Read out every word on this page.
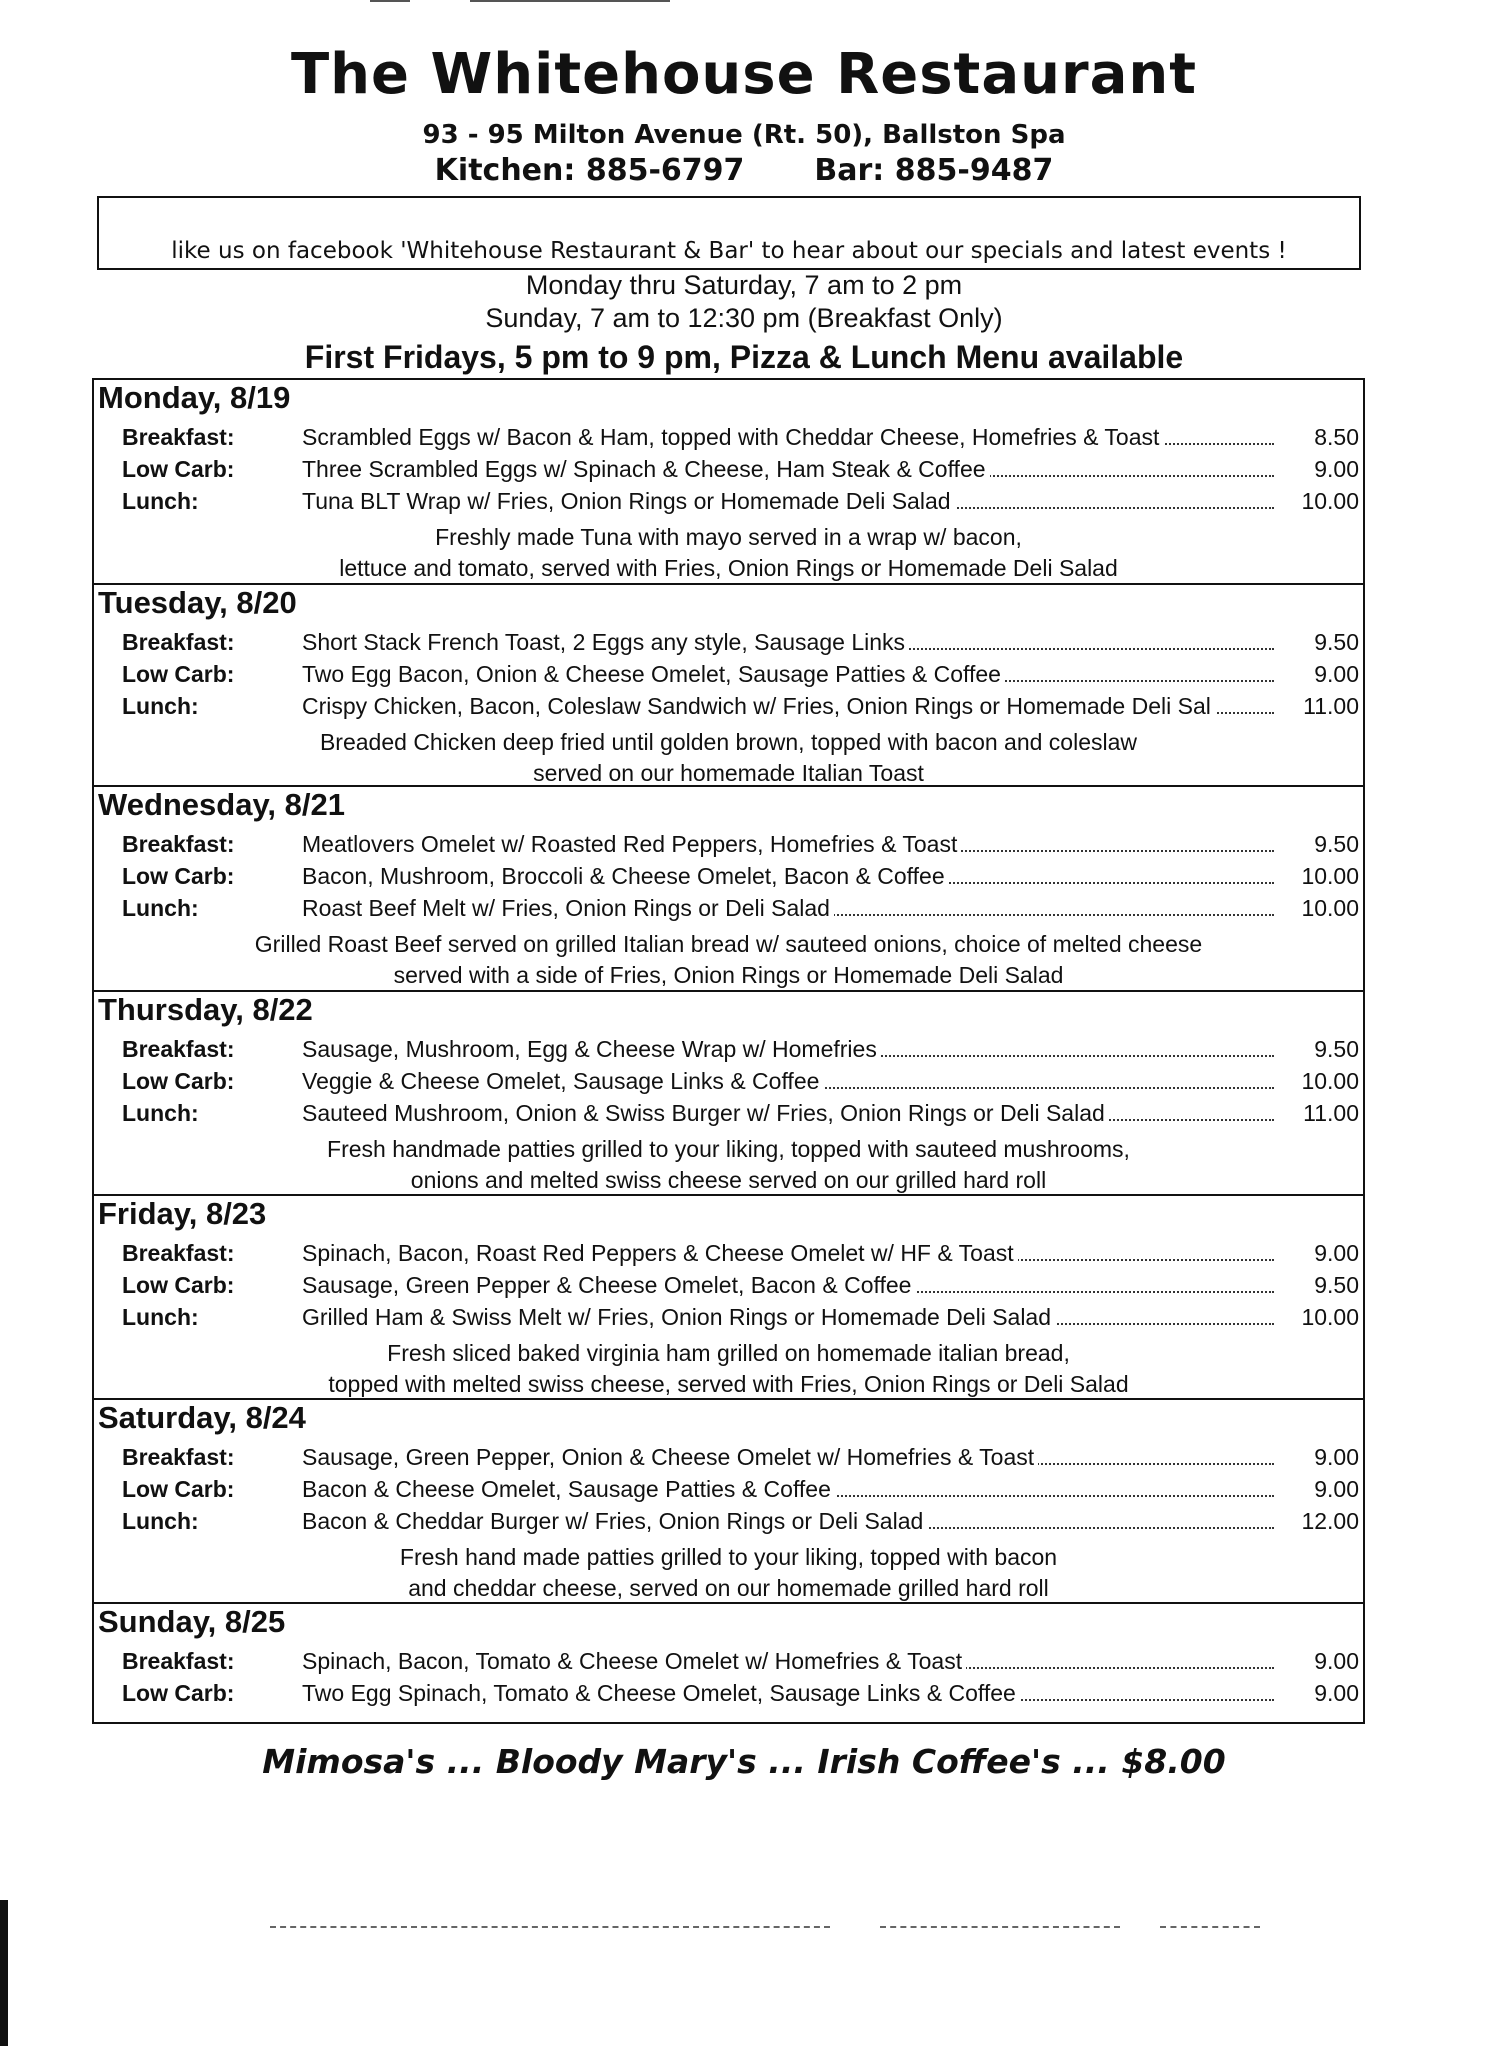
The Whitehouse Restaurant
93 - 95 Milton Avenue (Rt. 50), Ballston Spa
Kitchen: 885-6797 Bar: 885-9487
like us on facebook 'Whitehouse Restaurant & Bar' to hear about our specials and latest events !
Monday thru Saturday, 7 am to 2 pm
Sunday, 7 am to 12:30 pm (Breakfast Only)
First Fridays, 5 pm to 9 pm, Pizza & Lunch Menu available
Monday, 8/19
Breakfast:	Scrambled Eggs w/ Bacon & Ham, topped with Cheddar Cheese, Homefries & Toast	8.50
Low Carb:	Three Scrambled Eggs w/ Spinach & Cheese, Ham Steak & Coffee	9.00
Lunch:	Tuna BLT Wrap w/ Fries, Onion Rings or Homemade Deli Salad	10.00
Freshly made Tuna with mayo served in a wrap w/ bacon,
lettuce and tomato, served with Fries, Onion Rings or Homemade Deli Salad
Tuesday, 8/20
Breakfast:	Short Stack French Toast, 2 Eggs any style, Sausage Links	9.50
Low Carb:	Two Egg Bacon, Onion & Cheese Omelet, Sausage Patties & Coffee	9.00
Lunch:	Crispy Chicken, Bacon, Coleslaw Sandwich w/ Fries, Onion Rings or Homemade Deli Sal	11.00
Breaded Chicken deep fried until golden brown, topped with bacon and coleslaw
served on our homemade Italian Toast
Wednesday, 8/21
Breakfast:	Meatlovers Omelet w/ Roasted Red Peppers, Homefries & Toast	9.50
Low Carb:	Bacon, Mushroom, Broccoli & Cheese Omelet, Bacon & Coffee	10.00
Lunch:	Roast Beef Melt w/ Fries, Onion Rings or Deli Salad	10.00
Grilled Roast Beef served on grilled Italian bread w/ sauteed onions, choice of melted cheese
served with a side of Fries, Onion Rings or Homemade Deli Salad
Thursday, 8/22
Breakfast:	Sausage, Mushroom, Egg & Cheese Wrap w/ Homefries	9.50
Low Carb:	Veggie & Cheese Omelet, Sausage Links & Coffee	10.00
Lunch:	Sauteed Mushroom, Onion & Swiss Burger w/ Fries, Onion Rings or Deli Salad	11.00
Fresh handmade patties grilled to your liking, topped with sauteed mushrooms,
onions and melted swiss cheese served on our grilled hard roll
Friday, 8/23
Breakfast:	Spinach, Bacon, Roast Red Peppers & Cheese Omelet w/ HF & Toast	9.00
Low Carb:	Sausage, Green Pepper & Cheese Omelet, Bacon & Coffee	9.50
Lunch:	Grilled Ham & Swiss Melt w/ Fries, Onion Rings or Homemade Deli Salad	10.00
Fresh sliced baked virginia ham grilled on homemade italian bread,
topped with melted swiss cheese, served with Fries, Onion Rings or Deli Salad
Saturday, 8/24
Breakfast:	Sausage, Green Pepper, Onion & Cheese Omelet w/ Homefries & Toast	9.00
Low Carb:	Bacon & Cheese Omelet, Sausage Patties & Coffee	9.00
Lunch:	Bacon & Cheddar Burger w/ Fries, Onion Rings or Deli Salad	12.00
Fresh hand made patties grilled to your liking, topped with bacon
and cheddar cheese, served on our homemade grilled hard roll
Sunday, 8/25
Breakfast:	Spinach, Bacon, Tomato & Cheese Omelet w/ Homefries & Toast	9.00
Low Carb:	Two Egg Spinach, Tomato & Cheese Omelet, Sausage Links & Coffee	9.00
Mimosa's ... Bloody Mary's ... Irish Coffee's ... $8.00
